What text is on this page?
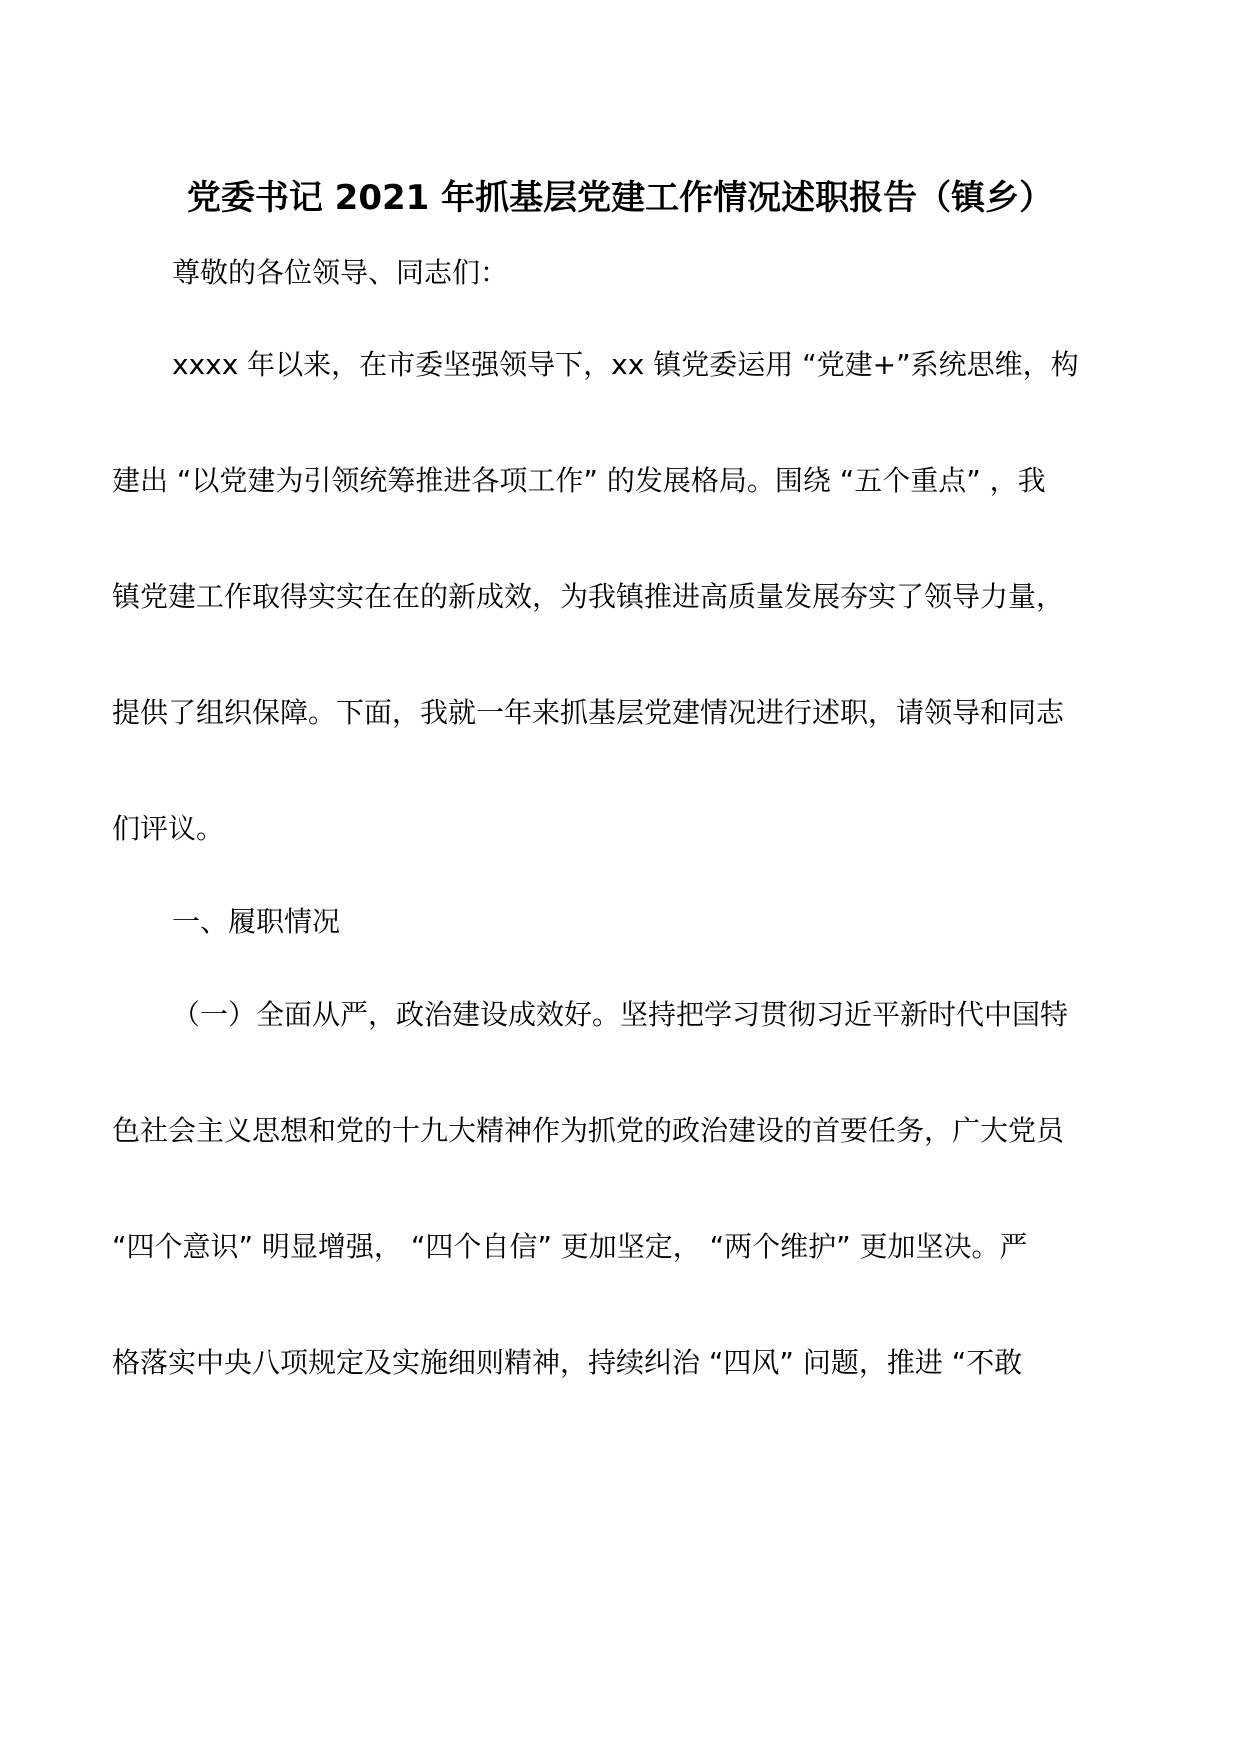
党委书记 2021 年抓基层党建工作情况述职报告（镇乡）

尊敬的各位领导、同志们：

xxxx 年以来，在市委坚强领导下，xx 镇党委运用 “党建+”系统思维，构

建出 “以党建为引领统筹推进各项工作” 的发展格局。围绕 “五个重点” ，我

镇党建工作取得实实在在的新成效，为我镇推进高质量发展夯实了领导力量，

提供了组织保障。下面，我就一年来抓基层党建情况进行述职，请领导和同志

们评议。

一、履职情况

（一）全面从严，政治建设成效好。坚持把学习贯彻习近平新时代中国特

色社会主义思想和党的十九大精神作为抓党的政治建设的首要任务，广大党员

“四个意识” 明显增强， “四个自信” 更加坚定， “两个维护” 更加坚决。严

格落实中央八项规定及实施细则精神，持续纠治 “四风” 问题，推进 “不敢
